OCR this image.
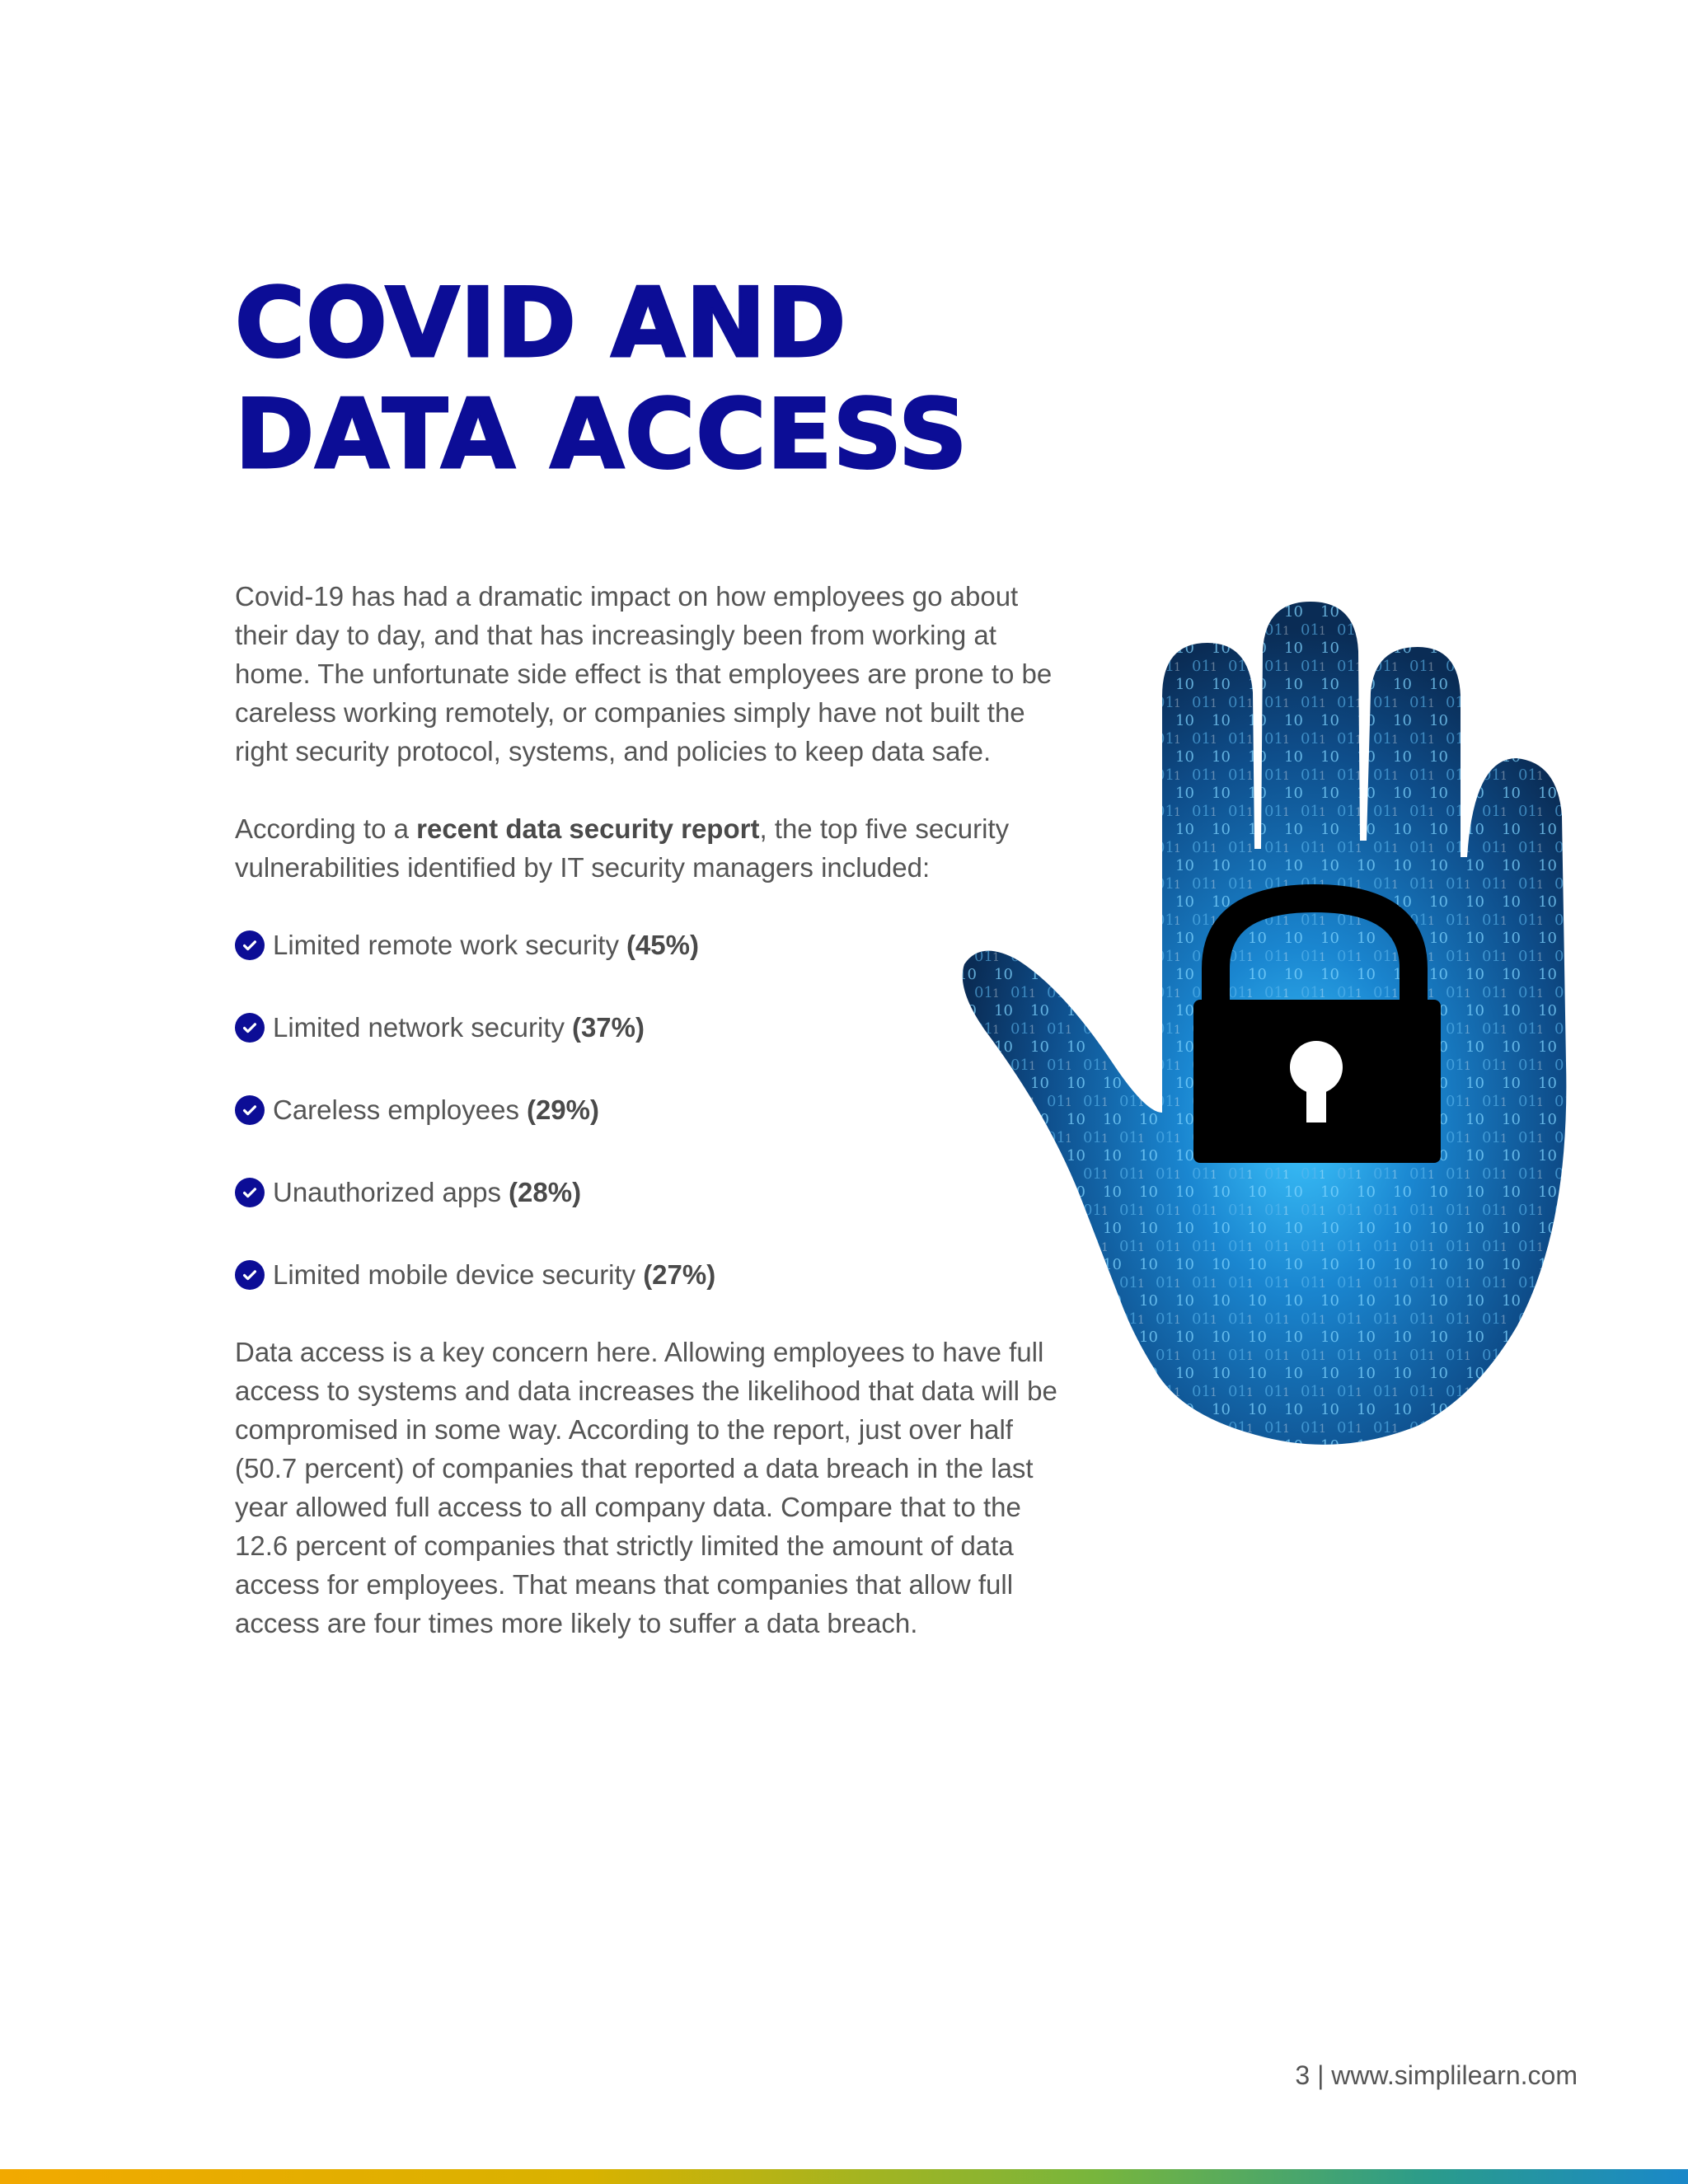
COVID AND
DATA ACCESS

Covid-19 has had a dramatic impact on how employees go about their day to day, and that has increasingly been from working at home. The unfortunate side effect is that employees are prone to be careless working remotely, or companies simply have not built the right security protocol, systems, and policies to keep data safe.

According to a recent data security report, the top five security vulnerabilities identified by IT security managers included:

Limited remote work security (45%)
Limited network security (37%)
Careless employees (29%)
Unauthorized apps (28%)
Limited mobile device security (27%)

Data access is a key concern here. Allowing employees to have full access to systems and data increases the likelihood that data will be compromised in some way. According to the report, just over half (50.7 percent) of companies that reported a data breach in the last year allowed full access to all company data. Compare that to the 12.6 percent of companies that strictly limited the amount of data access for employees. That means that companies that allow full access are four times more likely to suffer a data breach.

3 | www.simplilearn.com
